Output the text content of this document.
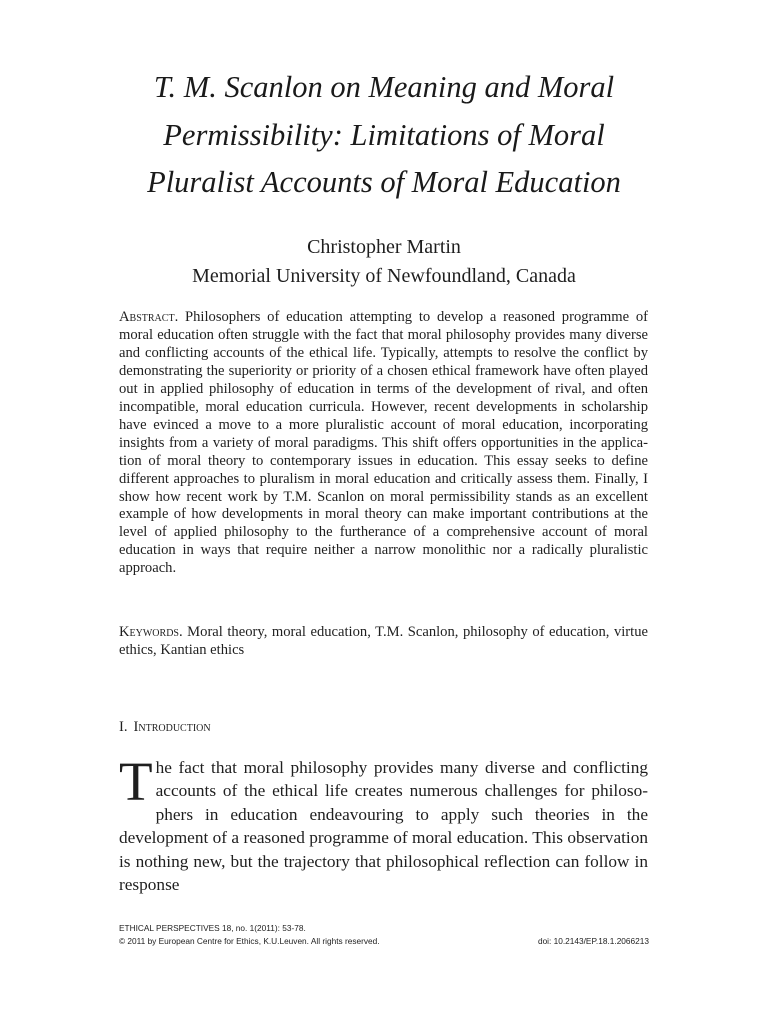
T. M. Scanlon on Meaning and Moral
Permissibility: Limitations of Moral
Pluralist Accounts of Moral Education
Christopher Martin
Memorial University of Newfoundland, Canada
Abstract. Philosophers of education attempting to develop a reasoned programme of moral education often struggle with the fact that moral philosophy provides many diverse and conflicting accounts of the ethical life. Typically, attempts to resolve the conflict by demonstrating the superiority or priority of a chosen ethical framework have often played out in applied philosophy of education in terms of the development of rival, and often incompatible, moral education curricula. However, recent developments in scholarship have evinced a move to a more pluralistic account of moral education, incorporating insights from a variety of moral paradigms. This shift offers opportunities in the application of moral theory to contemporary issues in education. This essay seeks to define different approaches to pluralism in moral education and critically assess them. Finally, I show how recent work by T.M. Scanlon on moral permissibility stands as an excellent example of how developments in moral theory can make important contributions at the level of applied philosophy to the furtherance of a comprehensive account of moral education in ways that require neither a narrow monolithic nor a radically pluralistic approach.
Keywords. Moral theory, moral education, T.M. Scanlon, philosophy of education, virtue ethics, Kantian ethics
I. Introduction
The fact that moral philosophy provides many diverse and conflicting accounts of the ethical life creates numerous challenges for philosophers in education endeavouring to apply such theories in the development of a reasoned programme of moral education. This observation is nothing new, but the trajectory that philosophical reflection can follow in response
ETHICAL PERSPECTIVES 18, no. 1(2011): 53-78.
© 2011 by European Centre for Ethics, K.U.Leuven. All rights reserved.	doi: 10.2143/EP.18.1.2066213
